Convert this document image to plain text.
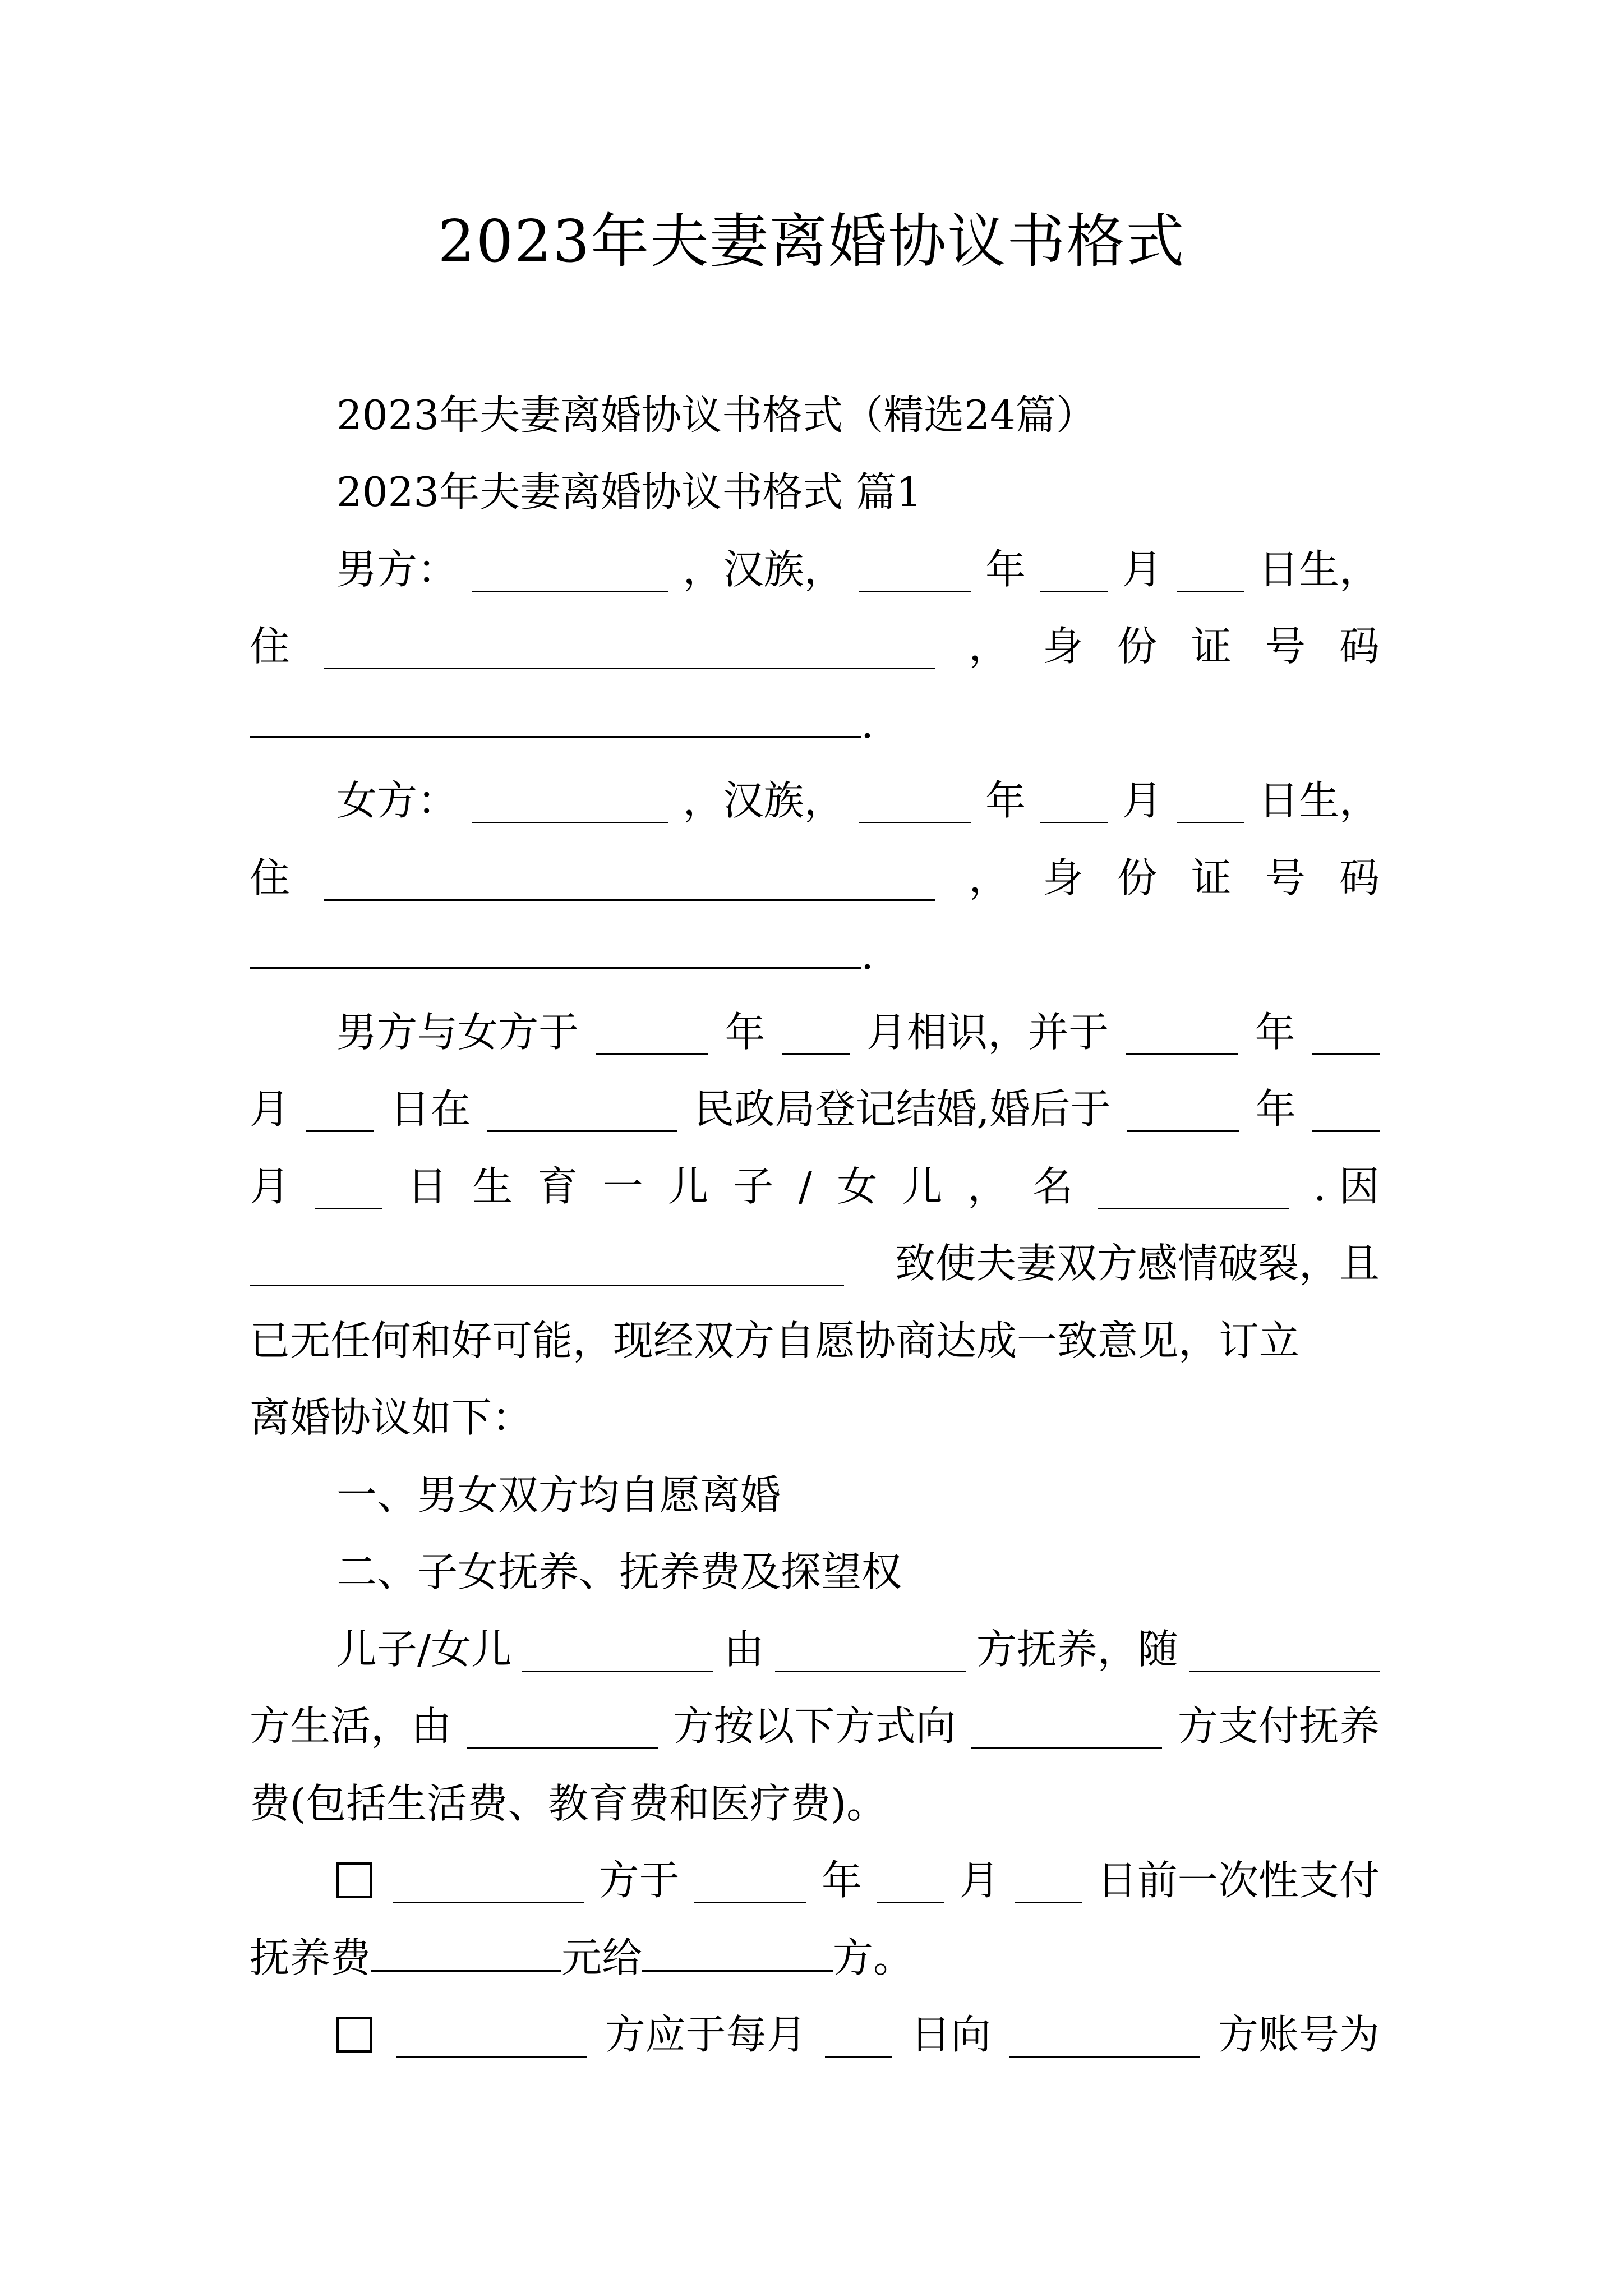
2023年夫妻离婚协议书格式
2023年夫妻离婚协议书格式（精选24篇）
2023年夫妻离婚协议书格式 篇1
男方：	，汉族，	年 月 日生，
住	， 身 份 证 号 码
.
女方：	，汉族，	年 月 日生，
住	， 身 份 证 号 码
.
男方与女方于	年	月相识，并于	年
月 日在	民政局登记结婚,婚后于	年
月	日 生 育 一 儿 子 / 女 儿 ， 名	. 因
致使夫妻双方感情破裂，且
已无任何和好可能，现经双方自愿协商达成一致意见，订立
离婚协议如下：
一、男女双方均自愿离婚
二、子女抚养、抚养费及探望权
儿子/女儿	由	方抚养，随
方生活，由	方按以下方式向	方支付抚养
费(包括生活费、教育费和医疗费)。
方于	年 月 日前一次性支付
抚养费	元给	方。
方应于每月	日向	方账号为
